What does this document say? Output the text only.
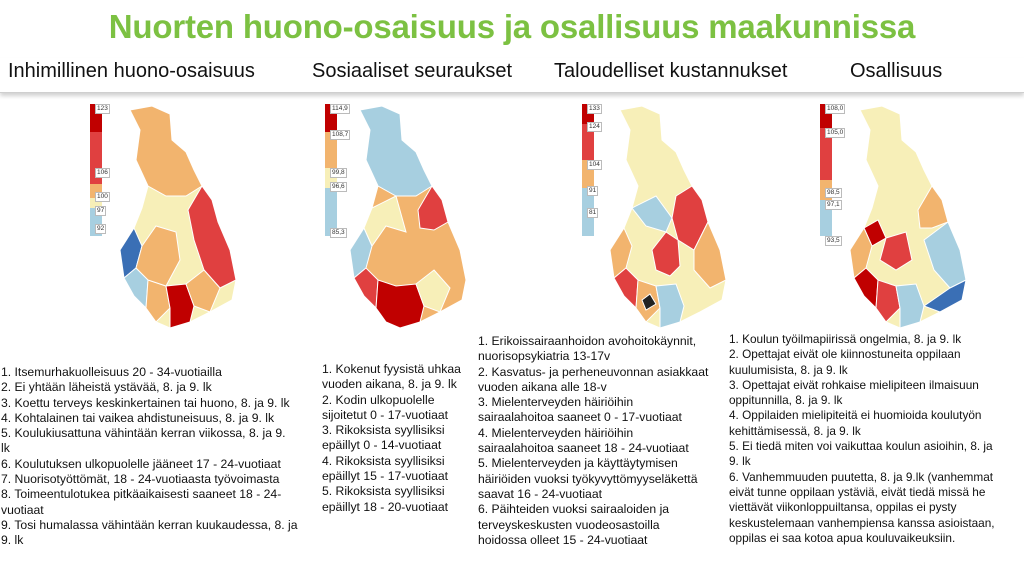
Nuorten huono-osaisuus ja osallisuus maakunnissa
Inhimillinen huono-osaisuus	Sosiaaliset seuraukset Taloudelliset kustannukset	Osallisuus
123
106
100
97
92
114,9
108,7
99,8
96,6
85,3
133
124
104
91
81
108,0
105,0
98,5
97,1
93,5
1. Itsemurhakuolleisuus 20 - 34-vuotiailla
2. Ei yhtään läheistä ystävää, 8. ja 9. lk
3. Koettu terveys keskinkertainen tai huono, 8. ja 9. lk
4. Kohtalainen tai vaikea ahdistuneisuus, 8. ja 9. lk
5. Koulukiusattuna vähintään kerran viikossa, 8. ja 9.
lk
6. Koulutuksen ulkopuolelle jääneet 17 - 24-vuotiaat
7. Nuorisotyöttömät, 18 - 24-vuotiaasta työvoimasta
8. Toimeentulotukea pitkäaikaisesti saaneet 18 - 24-
vuotiaat
9. Tosi humalassa vähintään kerran kuukaudessa, 8. ja
9. lk
1. Kokenut fyysistä uhkaa
vuoden aikana, 8. ja 9. lk
2. Kodin ulkopuolelle
sijoitetut 0 - 17-vuotiaat
3. Rikoksista syyllisiksi
epäillyt 0 - 14-vuotiaat
4. Rikoksista syyllisiksi
epäillyt 15 - 17-vuotiaat
5. Rikoksista syyllisiksi
epäillyt 18 - 20-vuotiaat
1. Erikoissairaanhoidon avohoitokäynnit,
nuorisopsykiatria 13-17v
2. Kasvatus- ja perheneuvonnan asiakkaat
vuoden aikana alle 18-v
3. Mielenterveyden häiriöihin
sairaalahoitoa saaneet 0 - 17-vuotiaat
4. Mielenterveyden häiriöihin
sairaalahoitoa saaneet 18 - 24-vuotiaat
5. Mielenterveyden ja käyttäytymisen
häiriöiden vuoksi työkyvyttömyyseläkettä
saavat 16 - 24-vuotiaat
6. Päihteiden vuoksi sairaaloiden ja
terveyskeskusten vuodeosastoilla
hoidossa olleet 15 - 24-vuotiaat
1. Koulun työilmapiirissä ongelmia, 8. ja 9. lk
2. Opettajat eivät ole kiinnostuneita oppilaan
kuulumisista, 8. ja 9. lk
3. Opettajat eivät rohkaise mielipiteen ilmaisuun
oppitunnilla, 8. ja 9. lk
4. Oppilaiden mielipiteitä ei huomioida koulutyön
kehittämisessä, 8. ja 9. lk
5. Ei tiedä miten voi vaikuttaa koulun asioihin, 8. ja
9. lk
6. Vanhemmuuden puutetta, 8. ja 9.lk (vanhemmat
eivät tunne oppilaan ystäviä, eivät tiedä missä he
viettävät viikonloppuiltansa, oppilas ei pysty
keskustelemaan vanhempiensa kanssa asioistaan,
oppilas ei saa kotoa apua kouluvaikeuksiin.
